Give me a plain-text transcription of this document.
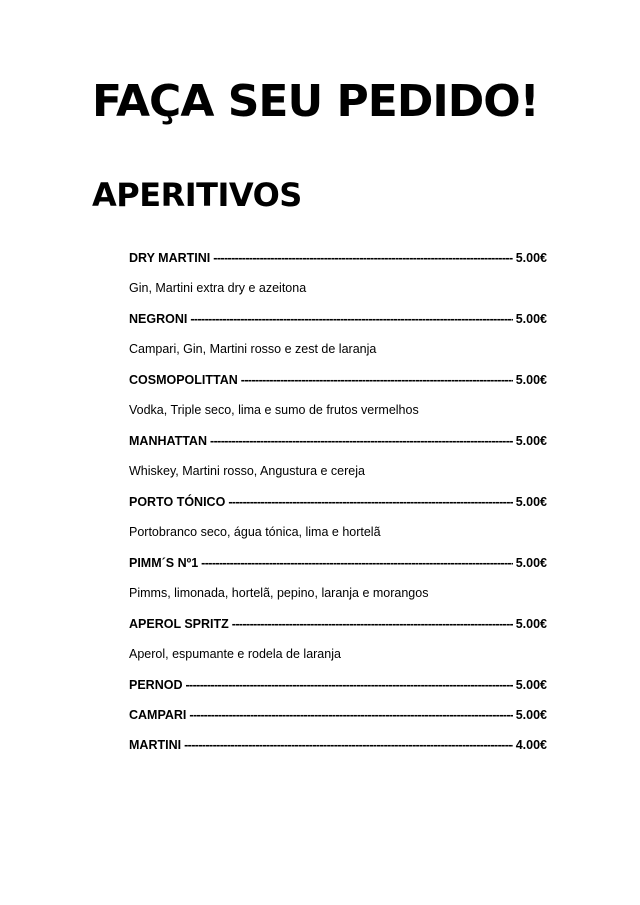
FAÇA SEU PEDIDO!
APERITIVOS
DRY MARTINI -----	5.00€
Gin, Martini extra dry e azeitona
NEGRONI -----	5.00€
Campari, Gin, Martini rosso e zest de laranja
COSMOPOLITTAN -----	5.00€
Vodka, Triple seco, lima e sumo de frutos vermelhos
MANHATTAN -----	5.00€
Whiskey, Martini rosso, Angustura e cereja
PORTO TÓNICO -----	5.00€
Portobranco seco, água tónica, lima e hortelã
PIMM´S Nº1 -----	5.00€
Pimms, limonada, hortelã, pepino, laranja e morangos
APEROL SPRITZ -----	5.00€
Aperol, espumante e rodela de laranja
PERNOD -----	5.00€
CAMPARI -----	5.00€
MARTINI -----	4.00€
